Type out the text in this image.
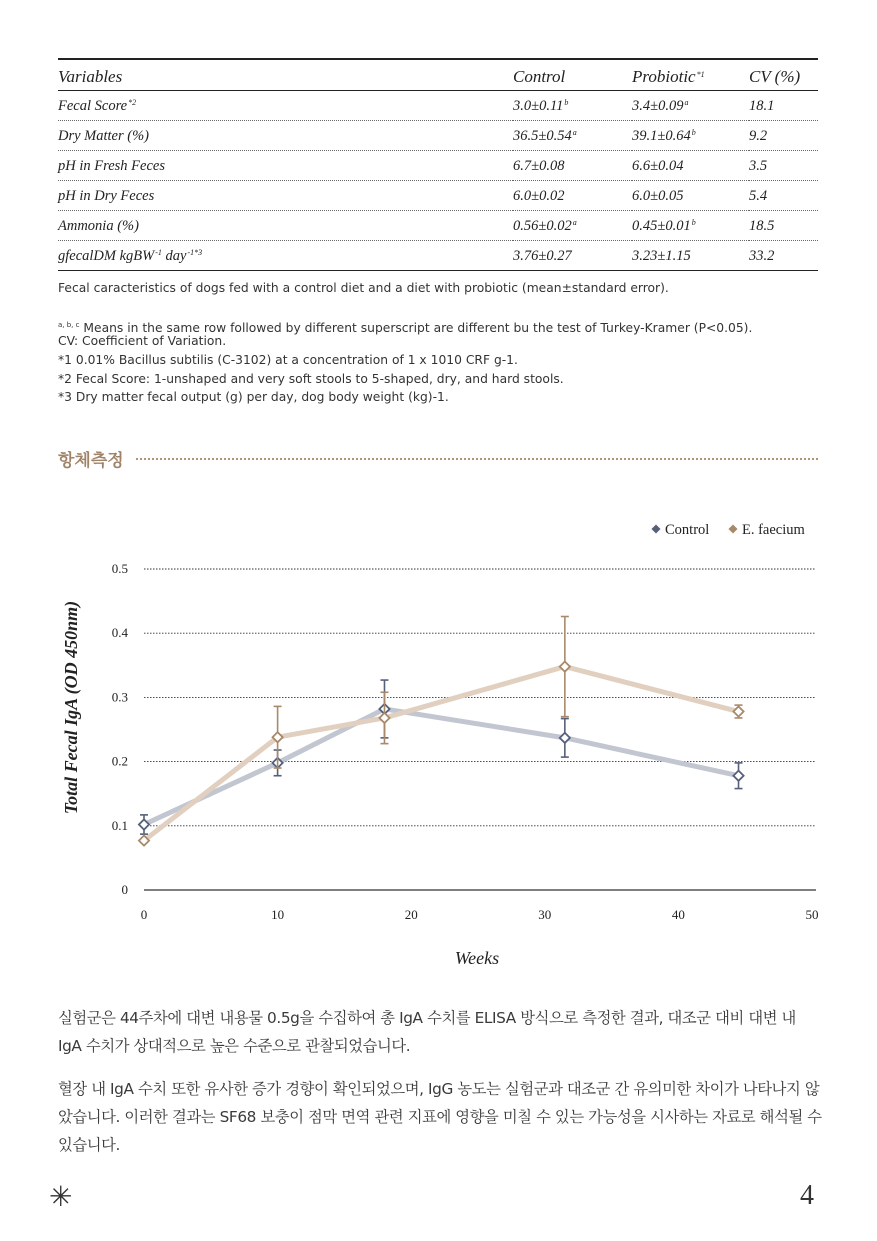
Variables	Control	Probiotic$^{*1}$	CV (%)
Fecal Score$^{*2}$	3.0±0.11$^b$	3.4±0.09$^a$	18.1
Dry Matter (%)	36.5±0.54$^a$	39.1±0.64$^b$	9.2
pH in Fresh Feces	6.7±0.08	6.6±0.04	3.5
pH in Dry Feces	6.0±0.02	6.0±0.05	5.4
Ammonia (%)	0.56±0.02$^a$	0.45±0.01$^b$	18.5
gfecalDM kgBW$^{-1}$ day$^{-1*3}$	3.76±0.27	3.23±1.15	33.2
Fecal caracteristics of dogs fed with a control diet and a diet with probiotic (mean±standard error).
$^{a, b, c}$ Means in the same row followed by different superscript are different bu the test of Turkey-Kramer (P<0.05).
CV: Coefficient of Variation.
*1 0.01% Bacillus subtilis (C-3102) at a concentration of 1 x 1010 CRF g-1.
*2 Fecal Score: 1-unshaped and very soft stools to 5-shaped, dry, and hard stools.
*3 Dry matter fecal output (g) per day, dog body weight (kg)-1.
항체측정
0
0.1
0.2
0.3
0.4
0.5
0	10	20	30	40	50
Weeks
Total Fecal IgA (OD 450nm)
Control E. faecium
실험군은 44주차에 대변 내용물 0.5g을 수집하여 총 IgA 수치를 ELISA 방식으로 측정한 결과, 대조군 대비 대변 내 IgA 수치가 상대적으로 높은 수준으로 관찰되었습니다.
혈장 내 IgA 수치 또한 유사한 증가 경향이 확인되었으며, IgG 농도는 실험군과 대조군 간 유의미한 차이가 나타나지 않았습니다. 이러한 결과는 SF68 보충이 점막 면역 관련 지표에 영향을 미칠 수 있는 가능성을 시사하는 자료로 해석될 수 있습니다.
✳	4
